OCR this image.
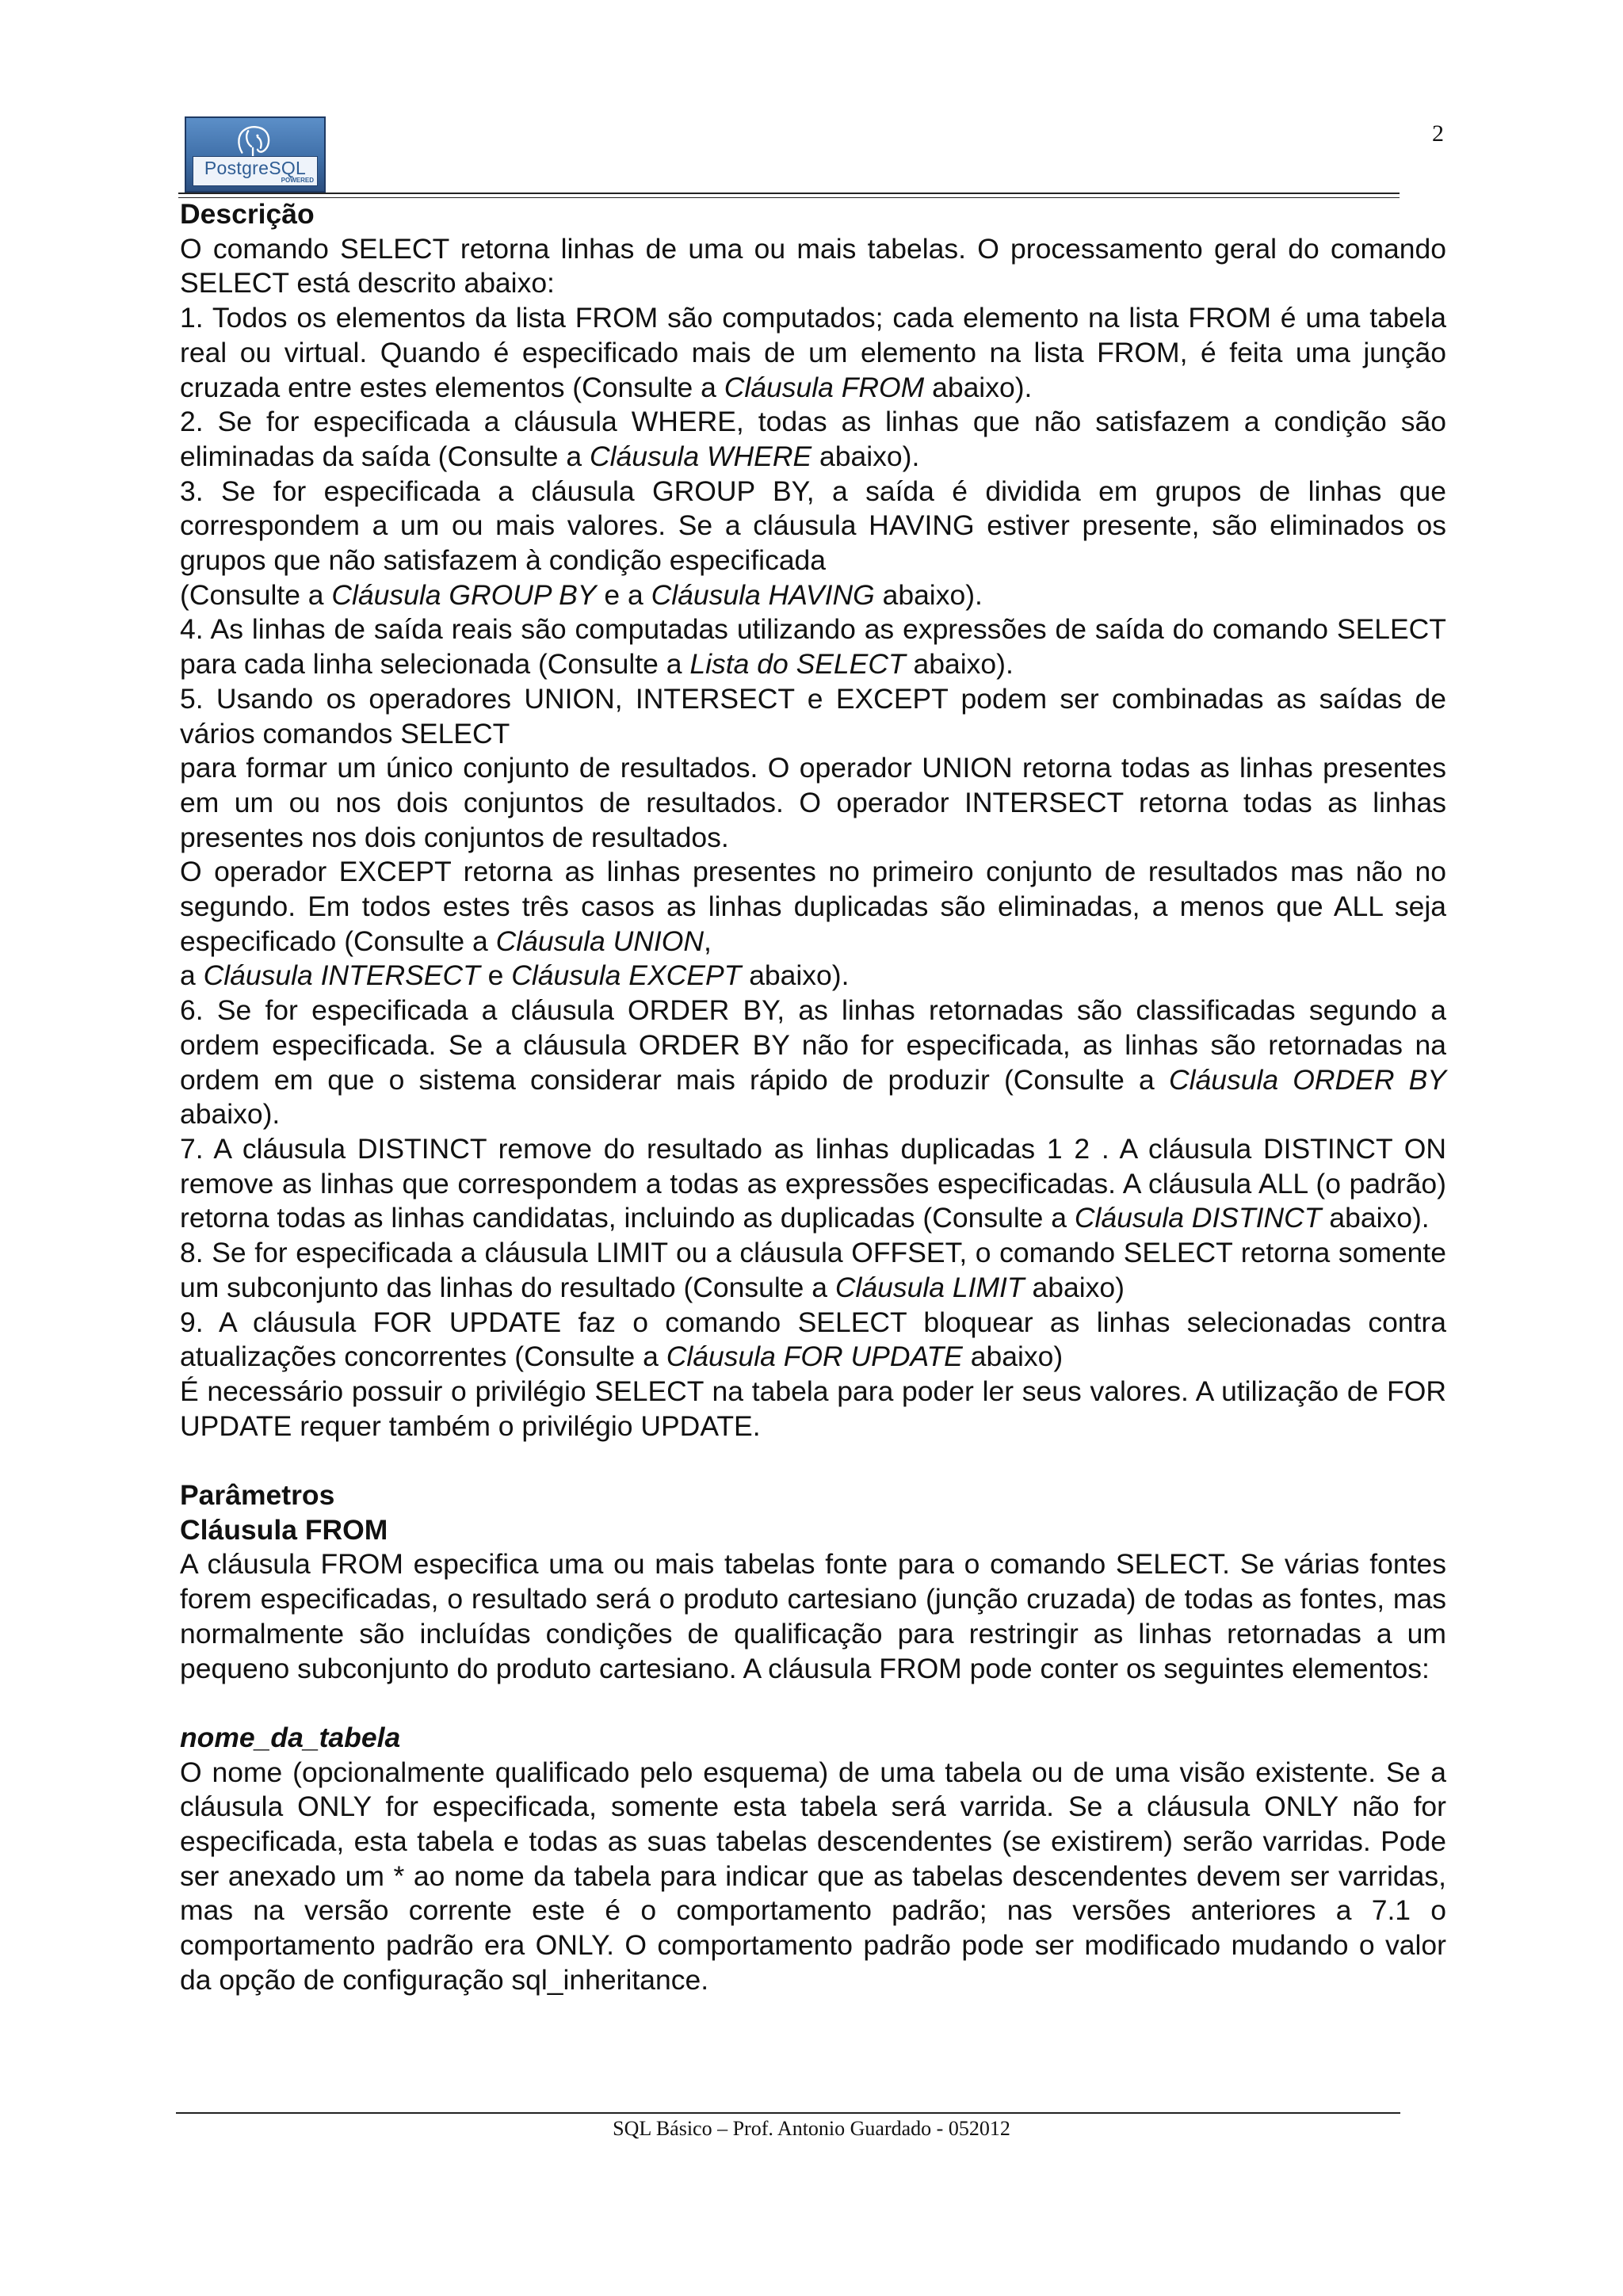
PostgreSQL
POWERED
2

Descrição

O comando SELECT retorna linhas de uma ou mais tabelas. O processamento geral do comando SELECT está descrito abaixo:

1. Todos os elementos da lista FROM são computados; cada elemento na lista FROM é uma tabela real ou virtual. Quando é especificado mais de um elemento na lista FROM, é feita uma junção cruzada entre estes elementos (Consulte a Cláusula FROM abaixo).

2. Se for especificada a cláusula WHERE, todas as linhas que não satisfazem a condição são eliminadas da saída (Consulte a Cláusula WHERE abaixo).

3. Se for especificada a cláusula GROUP BY, a saída é dividida em grupos de linhas que correspondem a um ou mais valores. Se a cláusula HAVING estiver presente, são eliminados os grupos que não satisfazem à condição especificada

(Consulte a Cláusula GROUP BY e a Cláusula HAVING abaixo).

4. As linhas de saída reais são computadas utilizando as expressões de saída do comando SELECT para cada linha selecionada (Consulte a Lista do SELECT abaixo).

5. Usando os operadores UNION, INTERSECT e EXCEPT podem ser combinadas as saídas de vários comandos SELECT

para formar um único conjunto de resultados. O operador UNION retorna todas as linhas presentes em um ou nos dois conjuntos de resultados. O operador INTERSECT retorna todas as linhas presentes nos dois conjuntos de resultados.

O operador EXCEPT retorna as linhas presentes no primeiro conjunto de resultados mas não no segundo. Em todos estes três casos as linhas duplicadas são eliminadas, a menos que ALL seja especificado (Consulte a Cláusula UNION,

a Cláusula INTERSECT e Cláusula EXCEPT abaixo).

6. Se for especificada a cláusula ORDER BY, as linhas retornadas são classificadas segundo a ordem especificada. Se a cláusula ORDER BY não for especificada, as linhas são retornadas na ordem em que o sistema considerar mais rápido de produzir (Consulte a Cláusula ORDER BY abaixo).

7. A cláusula DISTINCT remove do resultado as linhas duplicadas 1 2 . A cláusula DISTINCT ON remove as linhas que correspondem a todas as expressões especificadas. A cláusula ALL (o padrão) retorna todas as linhas candidatas, incluindo as duplicadas (Consulte a Cláusula DISTINCT abaixo).

8. Se for especificada a cláusula LIMIT ou a cláusula OFFSET, o comando SELECT retorna somente um subconjunto das linhas do resultado (Consulte a Cláusula LIMIT abaixo)

9. A cláusula FOR UPDATE faz o comando SELECT bloquear as linhas selecionadas contra atualizações concorrentes (Consulte a Cláusula FOR UPDATE abaixo)

É necessário possuir o privilégio SELECT na tabela para poder ler seus valores. A utilização de FOR UPDATE requer também o privilégio UPDATE.

Parâmetros

Cláusula FROM

A cláusula FROM especifica uma ou mais tabelas fonte para o comando SELECT. Se várias fontes forem especificadas, o resultado será o produto cartesiano (junção cruzada) de todas as fontes, mas normalmente são incluídas condições de qualificação para restringir as linhas retornadas a um pequeno subconjunto do produto cartesiano. A cláusula FROM pode conter os seguintes elementos:

nome_da_tabela

O nome (opcionalmente qualificado pelo esquema) de uma tabela ou de uma visão existente. Se a cláusula ONLY for especificada, somente esta tabela será varrida. Se a cláusula ONLY não for especificada, esta tabela e todas as suas tabelas descendentes (se existirem) serão varridas. Pode ser anexado um * ao nome da tabela para indicar que as tabelas descendentes devem ser varridas, mas na versão corrente este é o comportamento padrão; nas versões anteriores a 7.1 o comportamento padrão era ONLY. O comportamento padrão pode ser modificado mudando o valor da opção de configuração sql_inheritance.

SQL Básico – Prof. Antonio Guardado - 052012
